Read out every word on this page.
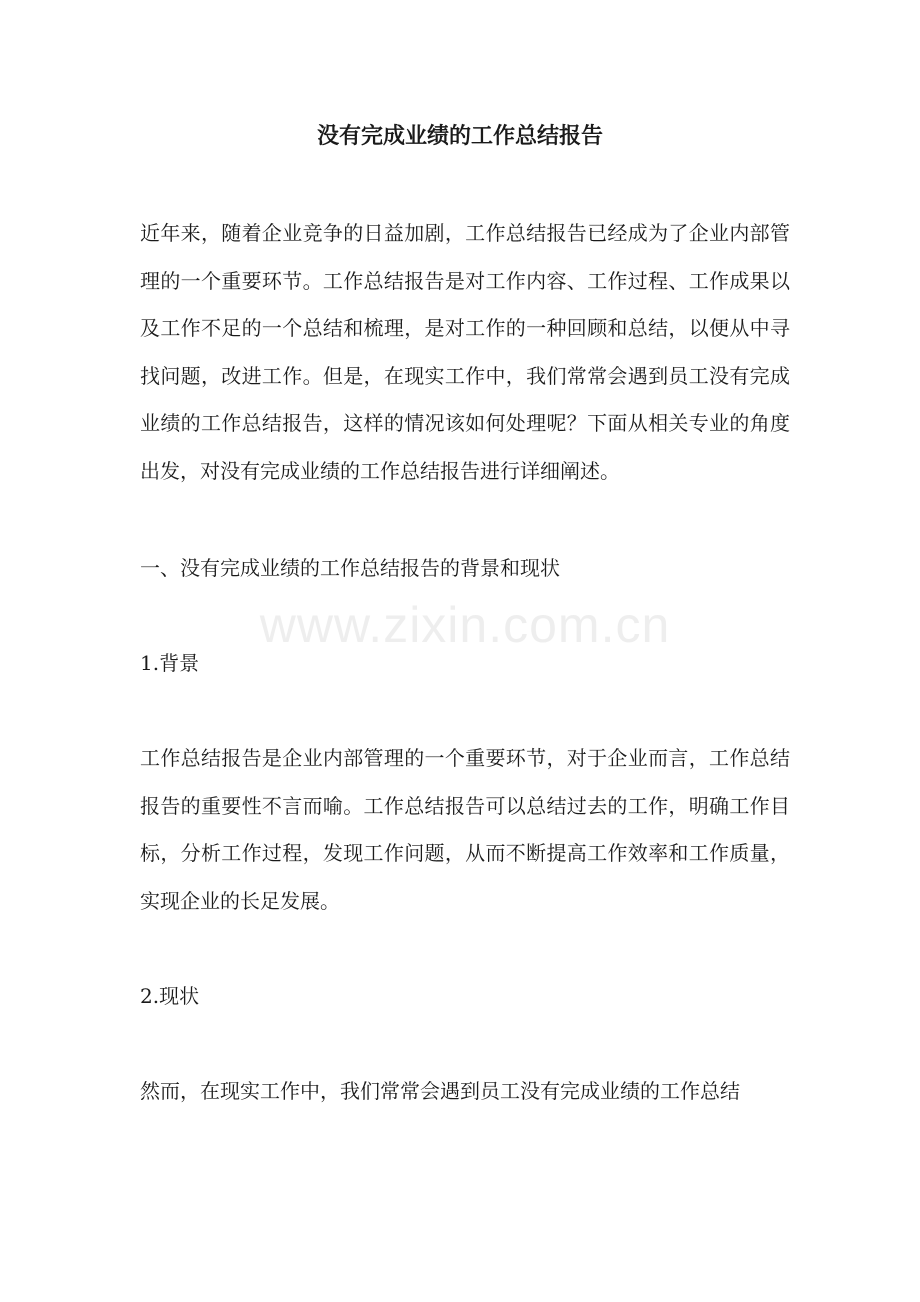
没有完成业绩的工作总结报告

近年来，随着企业竞争的日益加剧，工作总结报告已经成为了企业内部管理的一个重要环节。工作总结报告是对工作内容、工作过程、工作成果以及工作不足的一个总结和梳理，是对工作的一种回顾和总结，以便从中寻找问题，改进工作。但是，在现实工作中，我们常常会遇到员工没有完成业绩的工作总结报告，这样的情况该如何处理呢？下面从相关专业的角度出发，对没有完成业绩的工作总结报告进行详细阐述。

一、没有完成业绩的工作总结报告的背景和现状

1.背景

工作总结报告是企业内部管理的一个重要环节，对于企业而言，工作总结报告的重要性不言而喻。工作总结报告可以总结过去的工作，明确工作目标，分析工作过程，发现工作问题，从而不断提高工作效率和工作质量，实现企业的长足发展。

2.现状

然而，在现实工作中，我们常常会遇到员工没有完成业绩的工作总结

www.zixin.com.cn
